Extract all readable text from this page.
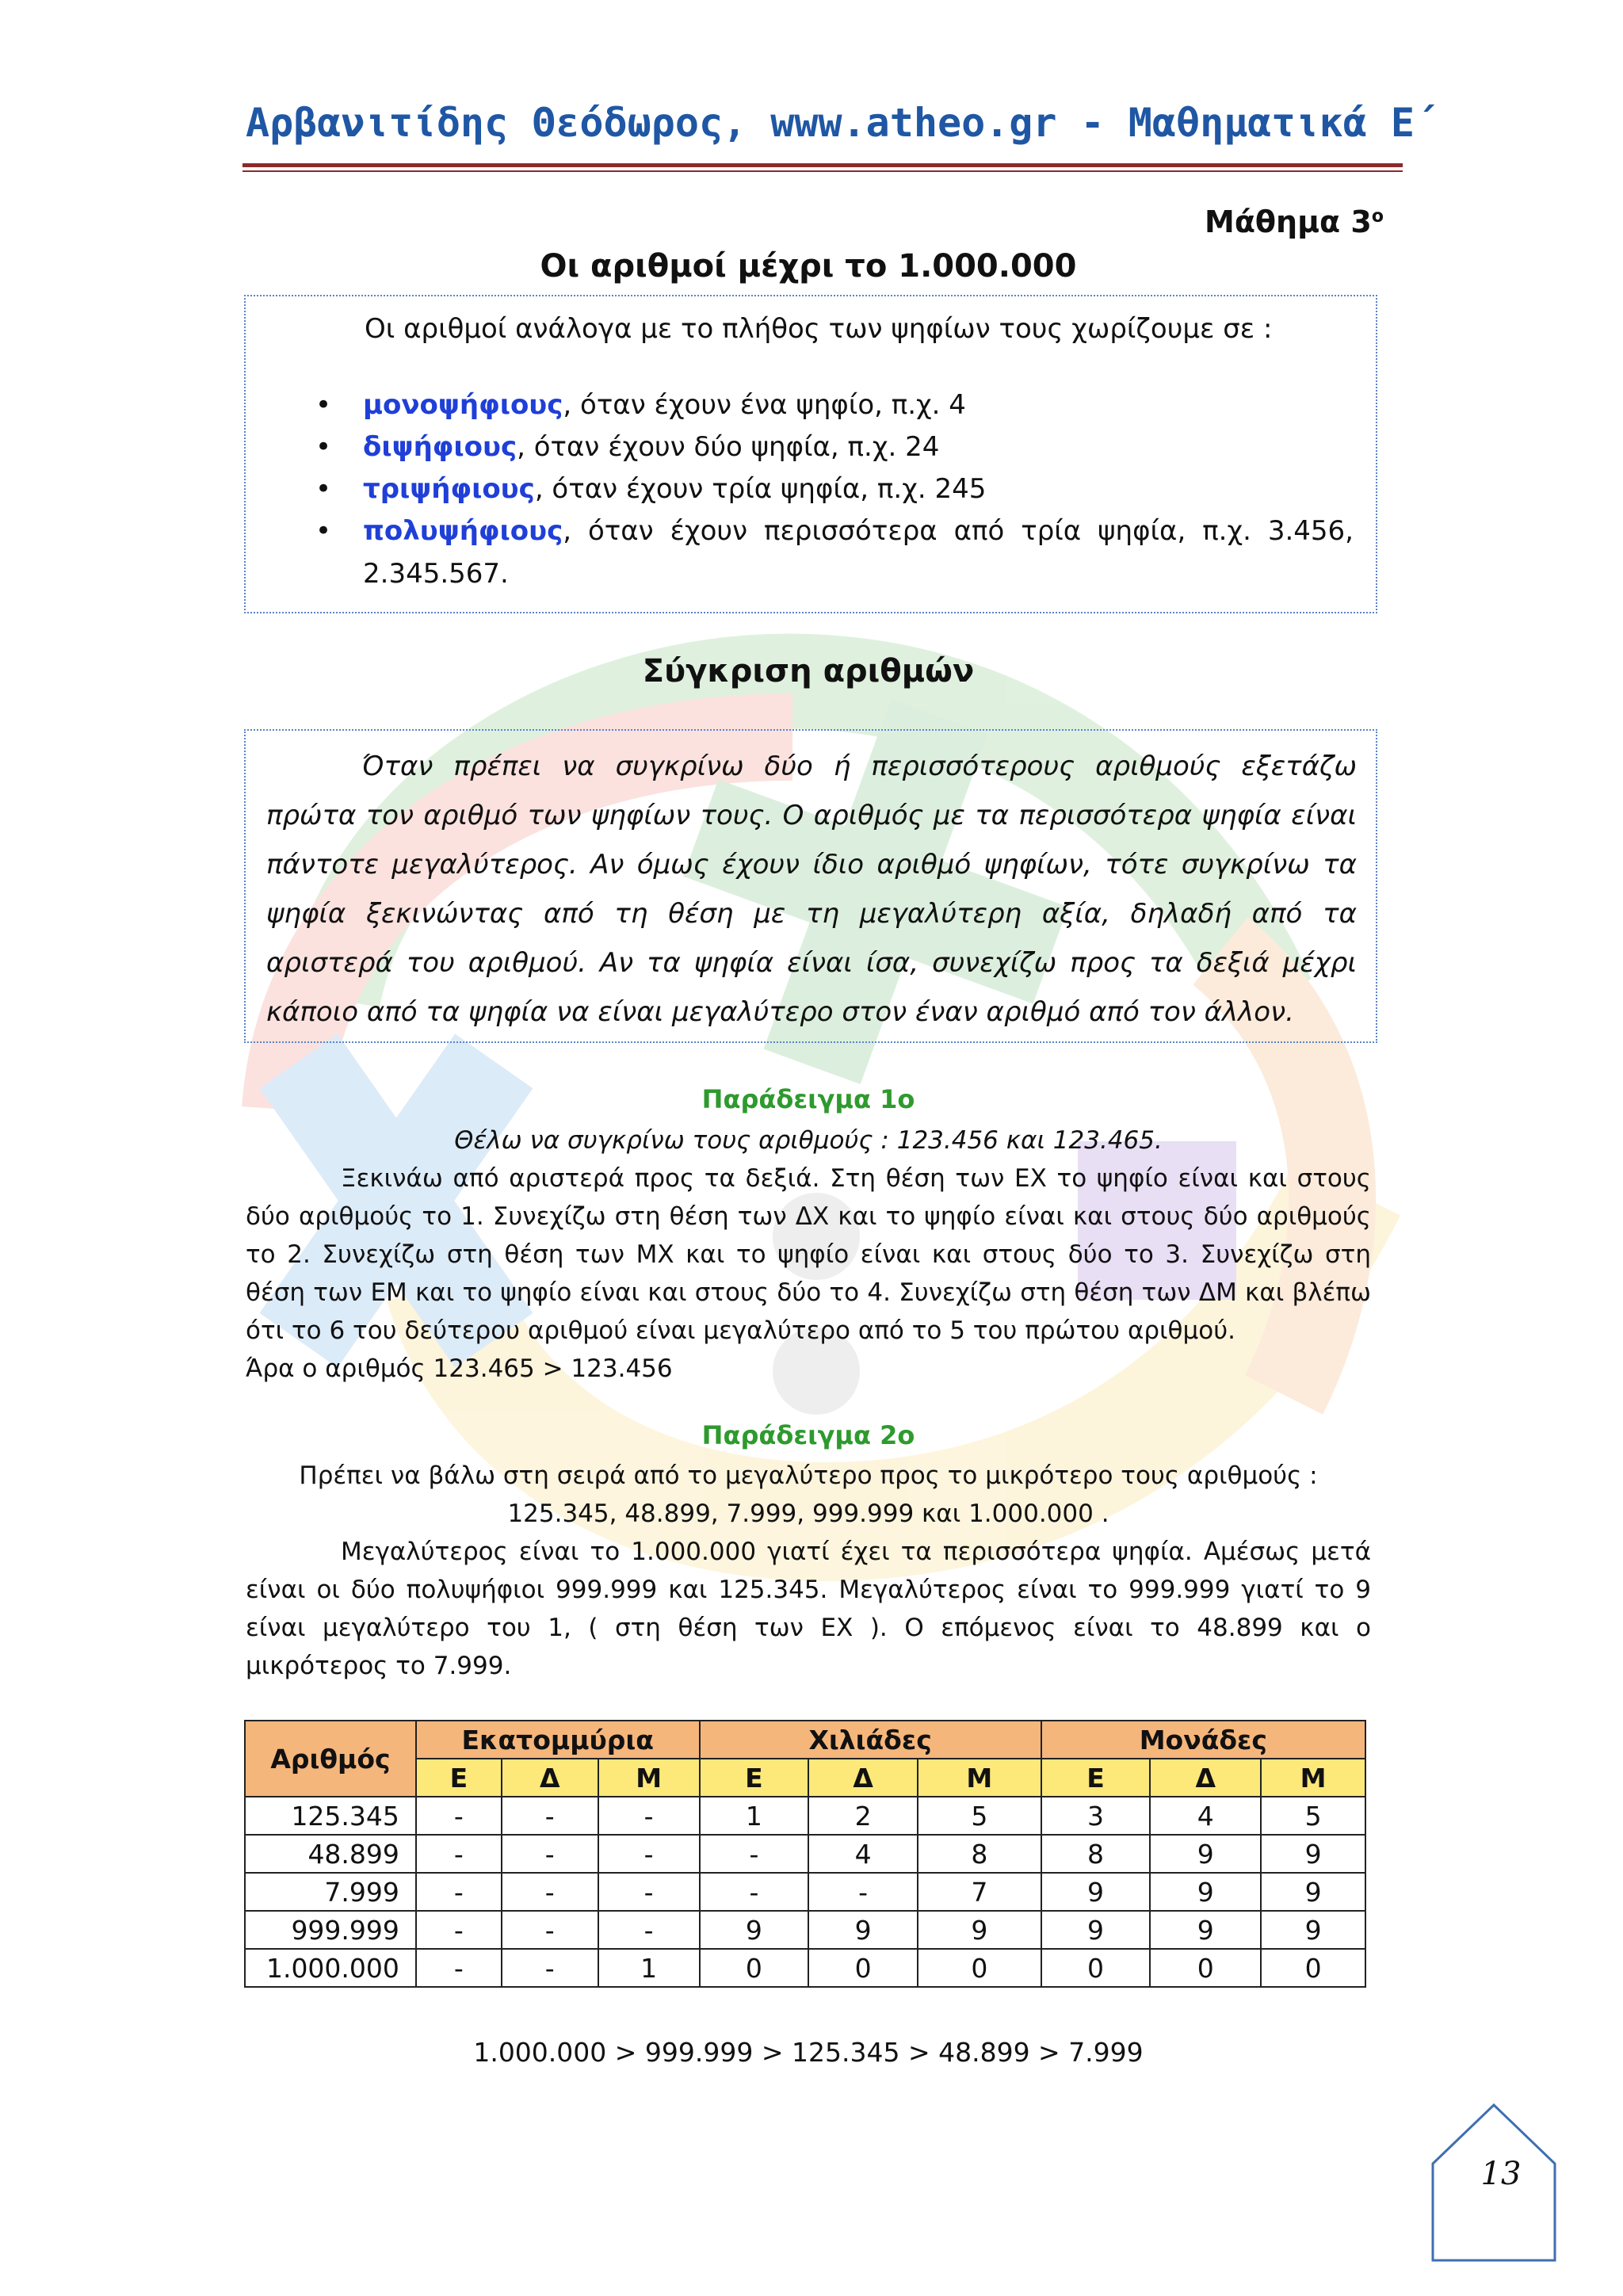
Αρβανιτίδης Θεόδωρος, www.atheo.gr - Μαθηματικά Ε΄
Μάθημα $3^o$
Οι αριθμοί μέχρι το 1.000.000
Οι αριθμοί ανάλογα με το πλήθος των ψηφίων τους χωρίζουμε σε :
• μονοψήφιους, όταν έχουν ένα ψηφίο, π.χ. 4
• διψήφιους, όταν έχουν δύο ψηφία, π.χ. 24
• τριψήφιους, όταν έχουν τρία ψηφία, π.χ. 245
• πολυψήφιους, όταν έχουν περισσότερα από τρία ψηφία, π.χ. 3.456, 2.345.567.
Σύγκριση αριθμών
Όταν πρέπει να συγκρίνω δύο ή περισσότερους αριθμούς εξετάζω πρώτα τον αριθμό των ψηφίων τους. Ο αριθμός με τα περισσότερα ψηφία είναι πάντοτε μεγαλύτερος. Αν όμως έχουν ίδιο αριθμό ψηφίων, τότε συγκρίνω τα ψηφία ξεκινώντας από τη θέση με τη μεγαλύτερη αξία, δηλαδή από τα αριστερά του αριθμού. Αν τα ψηφία είναι ίσα, συνεχίζω προς τα δεξιά μέχρι κάποιο από τα ψηφία να είναι μεγαλύτερο στον έναν αριθμό από τον άλλον.
Παράδειγμα 1ο
Θέλω να συγκρίνω τους αριθμούς : 123.456 και 123.465.
Ξεκινάω από αριστερά προς τα δεξιά. Στη θέση των ΕΧ το ψηφίο είναι και στους δύο αριθμούς το 1. Συνεχίζω στη θέση των ΔΧ και το ψηφίο είναι και στους δύο αριθμούς το 2. Συνεχίζω στη θέση των ΜΧ και το ψηφίο είναι και στους δύο το 3. Συνεχίζω στη θέση των ΕΜ και το ψηφίο είναι και στους δύο το 4. Συνεχίζω στη θέση των ΔΜ και βλέπω ότι το 6 του δεύτερου αριθμού είναι μεγαλύτερο από το 5 του πρώτου αριθμού.
Άρα ο αριθμός 123.465 > 123.456
Παράδειγμα 2ο
Πρέπει να βάλω στη σειρά από το μεγαλύτερο προς το μικρότερο τους αριθμούς :
125.345, 48.899, 7.999, 999.999 και 1.000.000 .
Μεγαλύτερος είναι το 1.000.000 γιατί έχει τα περισσότερα ψηφία. Αμέσως μετά είναι οι δύο πολυψήφιοι 999.999 και 125.345. Μεγαλύτερος είναι το 999.999 γιατί το 9 είναι μεγαλύτερο του 1, ( στη θέση των ΕΧ ). Ο επόμενος είναι το 48.899 και ο μικρότερος το 7.999.
Αριθμός	Εκατομμύρια			Χιλιάδες			Μονάδες		
	Ε	Δ	Μ	Ε	Δ	Μ	Ε	Δ	Μ
125.345	-	-	-	1	2	5	3	4	5
48.899	-	-	-	-	4	8	8	9	9
7.999	-	-	-	-	-	7	9	9	9
999.999	-	-	-	9	9	9	9	9	9
1.000.000	-	-	1	0	0	0	0	0	0
1.000.000 > 999.999 > 125.345 > 48.899 > 7.999
13
